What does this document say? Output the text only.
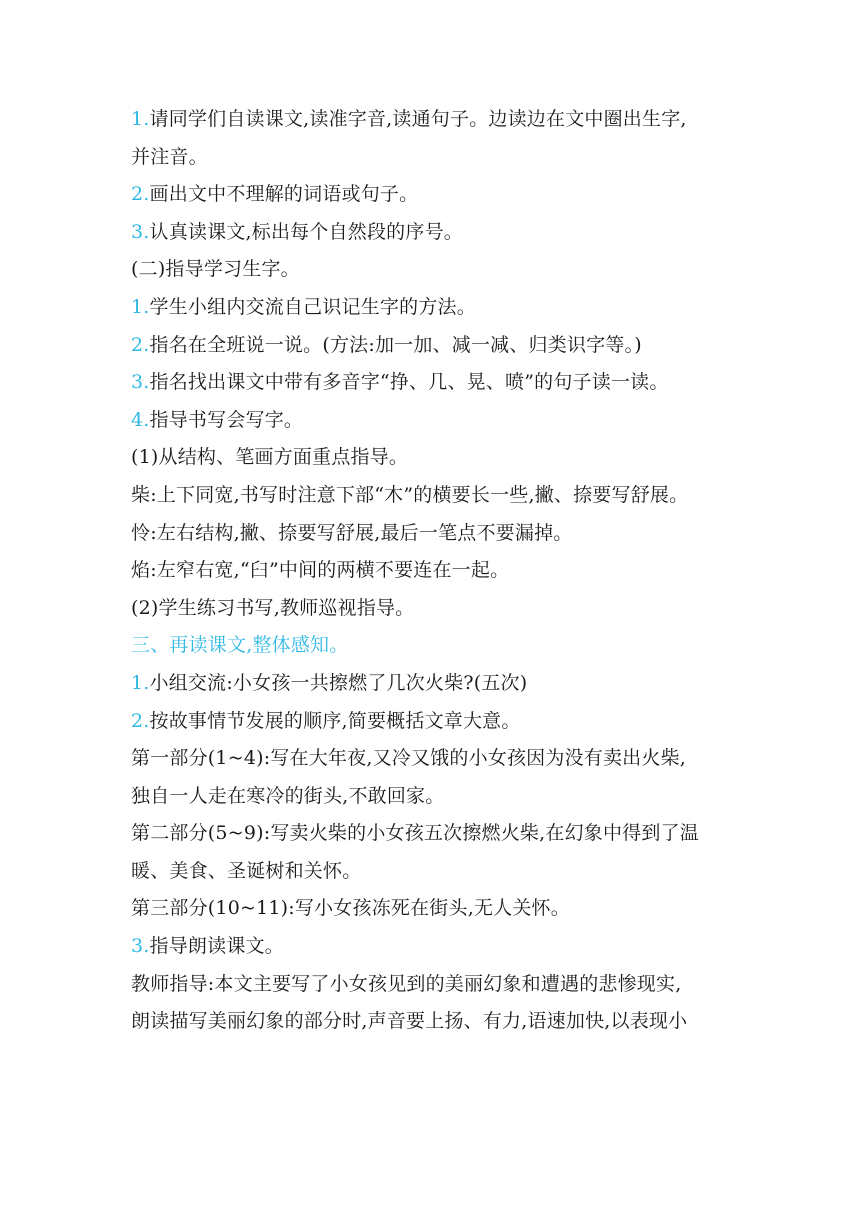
1.请同学们自读课文,读准字音,读通句子。边读边在文中圈出生字,
并注音。
2.画出文中不理解的词语或句子。
3.认真读课文,标出每个自然段的序号。
(二)指导学习生字。
1.学生小组内交流自己识记生字的方法。
2.指名在全班说一说。(方法:加一加、减一减、归类识字等。)
3.指名找出课文中带有多音字“挣、几、晃、喷”的句子读一读。
4.指导书写会写字。
(1)从结构、笔画方面重点指导。
柴:上下同宽,书写时注意下部“木”的横要长一些,撇、捺要写舒展。
怜:左右结构,撇、捺要写舒展,最后一笔点不要漏掉。
焰:左窄右宽,“臼”中间的两横不要连在一起。
(2)学生练习书写,教师巡视指导。
三、再读课文,整体感知。
1.小组交流:小女孩一共擦燃了几次火柴?(五次)
2.按故事情节发展的顺序,简要概括文章大意。
第一部分(1~4):写在大年夜,又冷又饿的小女孩因为没有卖出火柴,
独自一人走在寒冷的街头,不敢回家。
第二部分(5~9):写卖火柴的小女孩五次擦燃火柴,在幻象中得到了温
暖、美食、圣诞树和关怀。
第三部分(10~11):写小女孩冻死在街头,无人关怀。
3.指导朗读课文。
教师指导:本文主要写了小女孩见到的美丽幻象和遭遇的悲惨现实,
朗读描写美丽幻象的部分时,声音要上扬、有力,语速加快,以表现小
